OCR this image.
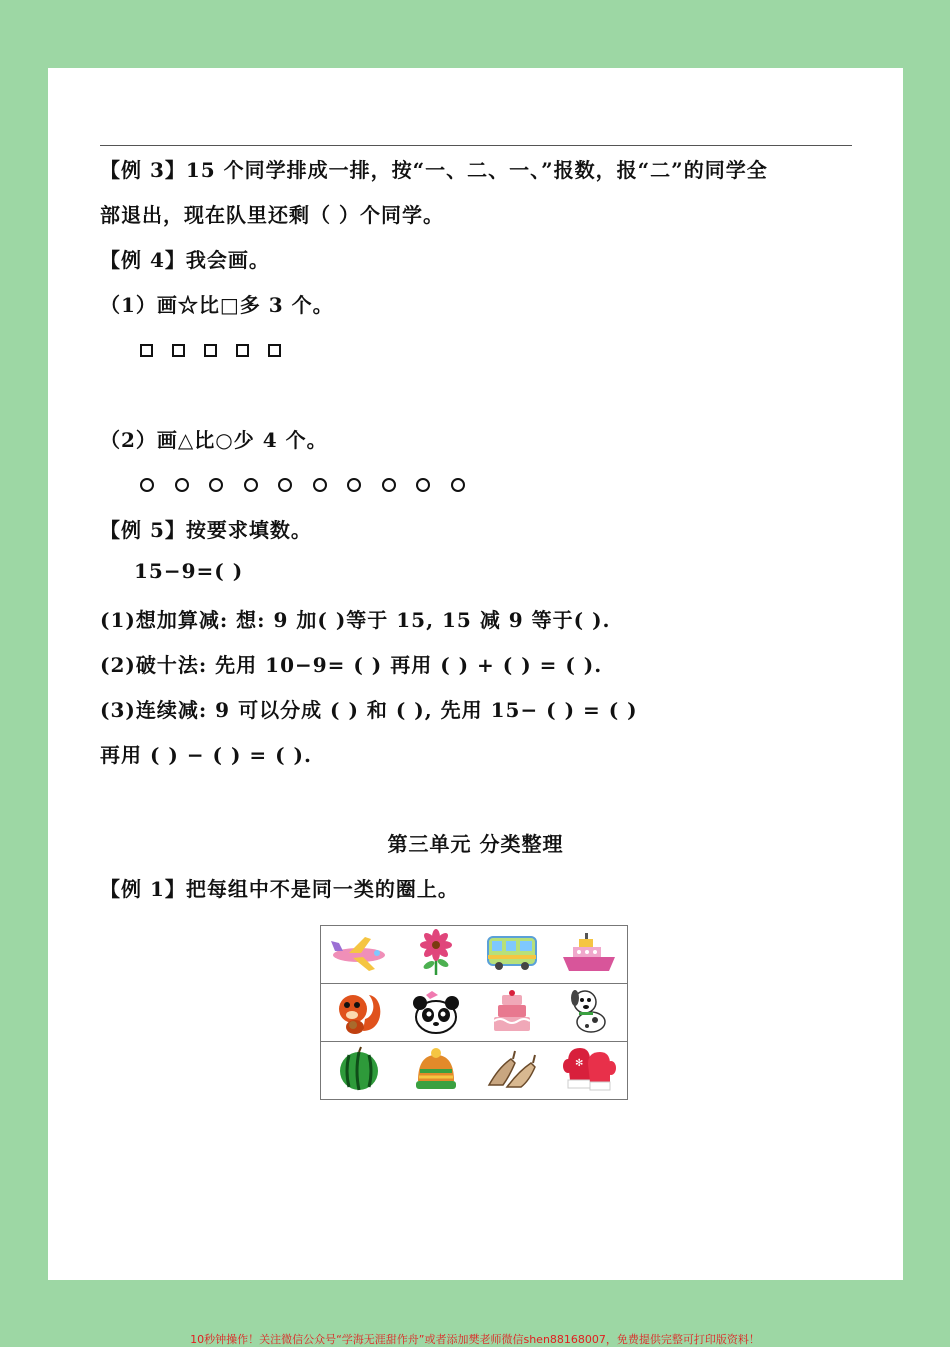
【例 3】15 个同学排成一排，按“一、二、一、”报数，报“二”的同学全
部退出，现在队里还剩（ ）个同学。
【例 4】我会画。
（1）画☆比□多 3 个。
（2）画△比○少 4 个。
【例 5】按要求填数。
15−9=( )
(1)想加算减: 想: 9 加( )等于 15, 15 减 9 等于( ).
(2)破十法: 先用 10−9= ( ) 再用 ( ) + ( ) = ( ).
(3)连续减: 9 可以分成 ( ) 和 ( ), 先用 15− ( ) = ( )
再用 ( ) − ( ) = ( ).
第三单元 分类整理
【例 1】把每组中不是同一类的圈上。

✻
10秒钟操作！关注微信公众号“学海无涯甜作舟”或者添加樊老师微信shen88168007，免费提供完整可打印版资料！
